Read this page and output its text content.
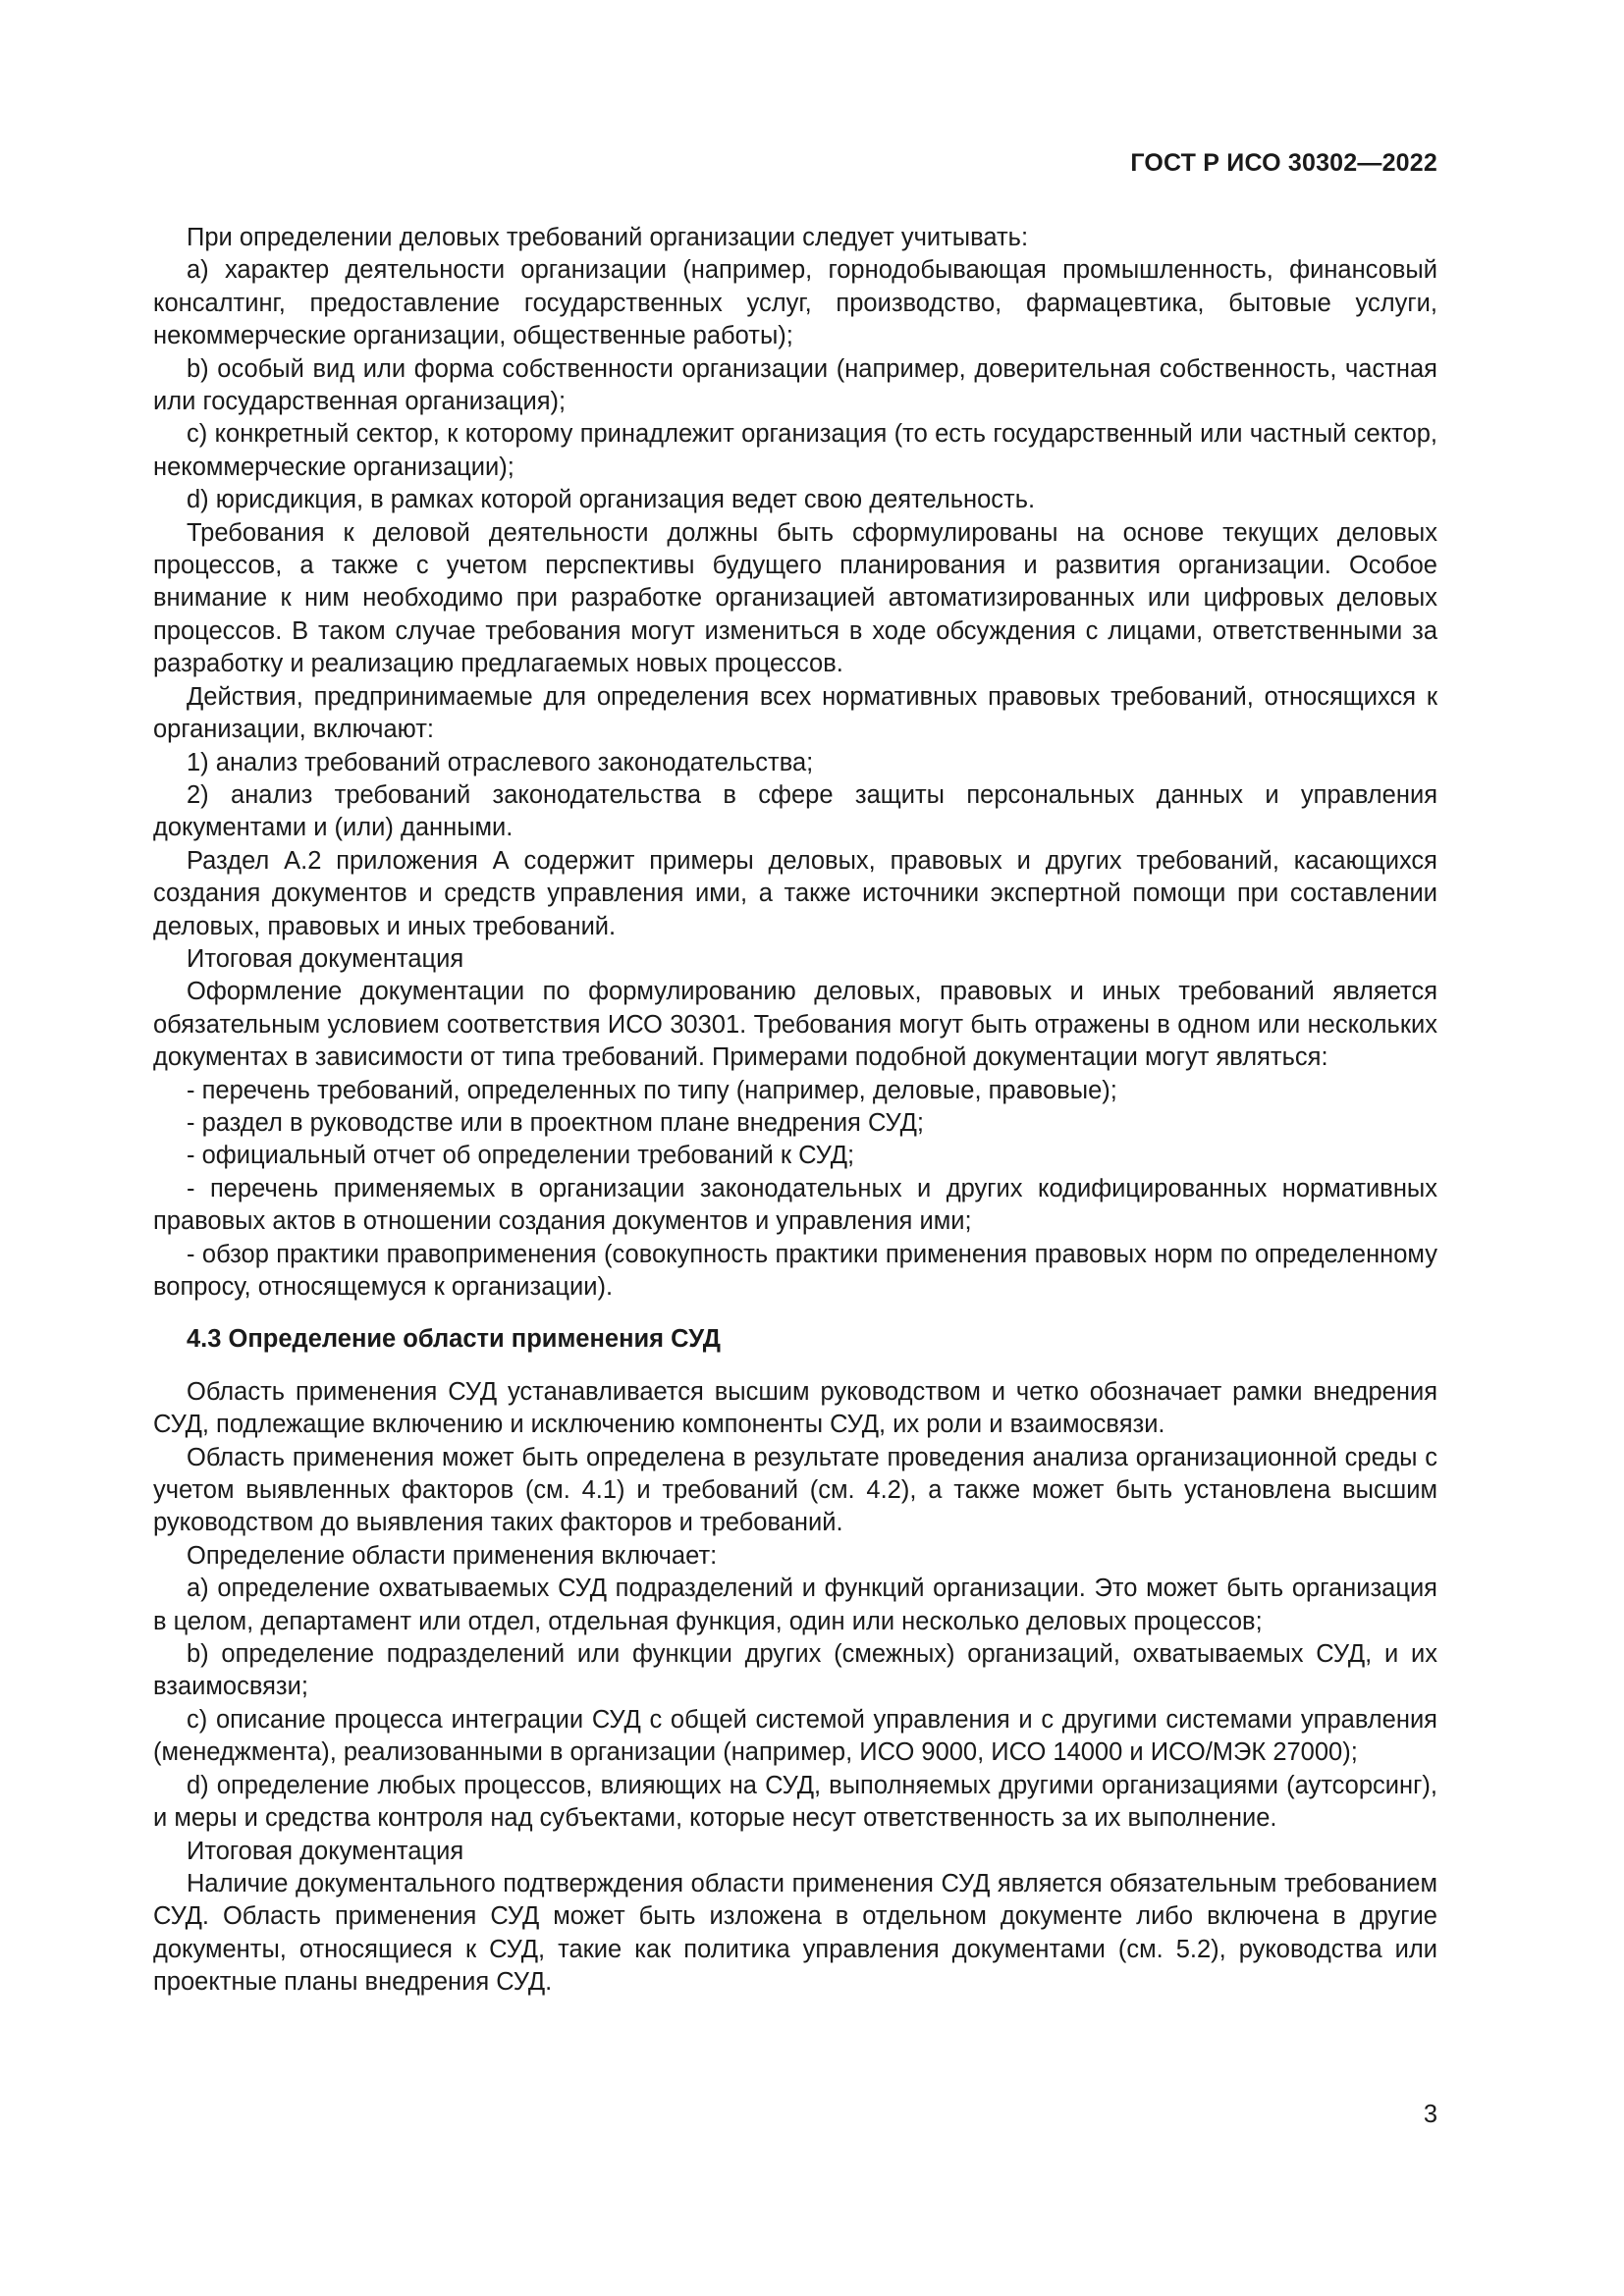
ГОСТ Р ИСО 30302—2022

При определении деловых требований организации следует учитывать:

a) характер деятельности организации (например, горнодобывающая промышленность, финансовый консалтинг, предоставление государственных услуг, производство, фармацевтика, бытовые услуги, некоммерческие организации, общественные работы);

b) особый вид или форма собственности организации (например, доверительная собственность, частная или государственная организация);

c) конкретный сектор, к которому принадлежит организация (то есть государственный или частный сектор, некоммерческие организации);

d) юрисдикция, в рамках которой организация ведет свою деятельность.

Требования к деловой деятельности должны быть сформулированы на основе текущих деловых процессов, а также с учетом перспективы будущего планирования и развития организации. Особое внимание к ним необходимо при разработке организацией автоматизированных или цифровых деловых процессов. В таком случае требования могут измениться в ходе обсуждения с лицами, ответственными за разработку и реализацию предлагаемых новых процессов.

Действия, предпринимаемые для определения всех нормативных правовых требований, относящихся к организации, включают:

1) анализ требований отраслевого законодательства;

2) анализ требований законодательства в сфере защиты персональных данных и управления документами и (или) данными.

Раздел А.2 приложения А содержит примеры деловых, правовых и других требований, касающихся создания документов и средств управления ими, а также источники экспертной помощи при составлении деловых, правовых и иных требований.

Итоговая документация

Оформление документации по формулированию деловых, правовых и иных требований является обязательным условием соответствия ИСО 30301. Требования могут быть отражены в одном или нескольких документах в зависимости от типа требований. Примерами подобной документации могут являться:

- перечень требований, определенных по типу (например, деловые, правовые);

- раздел в руководстве или в проектном плане внедрения СУД;

- официальный отчет об определении требований к СУД;

- перечень применяемых в организации законодательных и других кодифицированных нормативных правовых актов в отношении создания документов и управления ими;

- обзор практики правоприменения (совокупность практики применения правовых норм по определенному вопросу, относящемуся к организации).

4.3 Определение области применения СУД

Область применения СУД устанавливается высшим руководством и четко обозначает рамки внедрения СУД, подлежащие включению и исключению компоненты СУД, их роли и взаимосвязи.

Область применения может быть определена в результате проведения анализа организационной среды с учетом выявленных факторов (см. 4.1) и требований (см. 4.2), а также может быть установлена высшим руководством до выявления таких факторов и требований.

Определение области применения включает:

a) определение охватываемых СУД подразделений и функций организации. Это может быть организация в целом, департамент или отдел, отдельная функция, один или несколько деловых процессов;

b) определение подразделений или функции других (смежных) организаций, охватываемых СУД, и их взаимосвязи;

c) описание процесса интеграции СУД с общей системой управления и с другими системами управления (менеджмента), реализованными в организации (например, ИСО 9000, ИСО 14000 и ИСО/МЭК 27000);

d) определение любых процессов, влияющих на СУД, выполняемых другими организациями (аутсорсинг), и меры и средства контроля над субъектами, которые несут ответственность за их выполнение.

Итоговая документация

Наличие документального подтверждения области применения СУД является обязательным требованием СУД. Область применения СУД может быть изложена в отдельном документе либо включена в другие документы, относящиеся к СУД, такие как политика управления документами (см. 5.2), руководства или проектные планы внедрения СУД.

3
